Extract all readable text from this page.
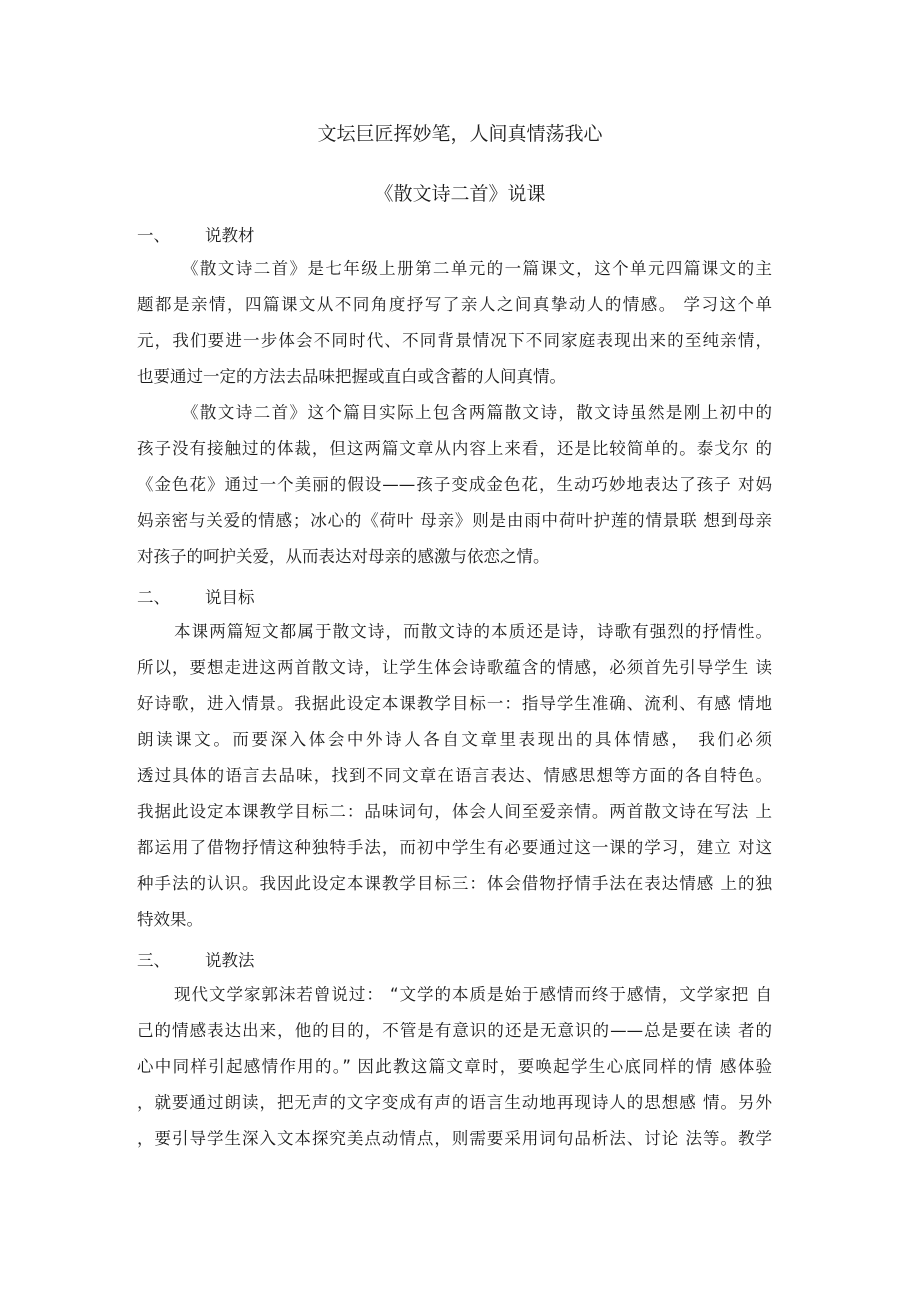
文坛巨匠挥妙笔，人间真情荡我心
《散文诗二首》说课
一、 说教材
《散文诗二首》是七年级上册第二单元的一篇课文，这个单元四篇课文的主
题都是亲情，四篇课文从不同角度抒写了亲人之间真挚动人的情感。 学习这个单
元，我们要进一步体会不同时代、不同背景情况下不同家庭表现出来的至纯亲情，
也要通过一定的方法去品味把握或直白或含蓄的人间真情。
《散文诗二首》这个篇目实际上包含两篇散文诗，散文诗虽然是刚上初中的
孩子没有接触过的体裁，但这两篇文章从内容上来看，还是比较简单的。泰戈尔 的
《金色花》通过一个美丽的假设——孩子变成金色花，生动巧妙地表达了孩子 对妈
妈亲密与关爱的情感；冰心的《荷叶 母亲》则是由雨中荷叶护莲的情景联 想到母亲
对孩子的呵护关爱，从而表达对母亲的感激与依恋之情。
二、 说目标
本课两篇短文都属于散文诗，而散文诗的本质还是诗，诗歌有强烈的抒情性。
所以，要想走进这两首散文诗，让学生体会诗歌蕴含的情感，必须首先引导学生 读
好诗歌，进入情景。我据此设定本课教学目标一：指导学生准确、流利、有感 情地
朗读课文。而要深入体会中外诗人各自文章里表现出的具体情感， 我们必须
透过具体的语言去品味，找到不同文章在语言表达、情感思想等方面的各自特色。
我据此设定本课教学目标二：品味词句，体会人间至爱亲情。两首散文诗在写法 上
都运用了借物抒情这种独特手法，而初中学生有必要通过这一课的学习，建立 对这
种手法的认识。我因此设定本课教学目标三：体会借物抒情手法在表达情感 上的独
特效果。
三、 说教法
现代文学家郭沫若曾说过： “文学的本质是始于感情而终于感情，文学家把 自
己的情感表达出来，他的目的，不管是有意识的还是无意识的——总是要在读 者的
心中同样引起感情作用的。” 因此教这篇文章时，要唤起学生心底同样的情 感体验
，就要通过朗读，把无声的文字变成有声的语言生动地再现诗人的思想感 情。另外
，要引导学生深入文本探究美点动情点，则需要采用词句品析法、讨论 法等。教学
